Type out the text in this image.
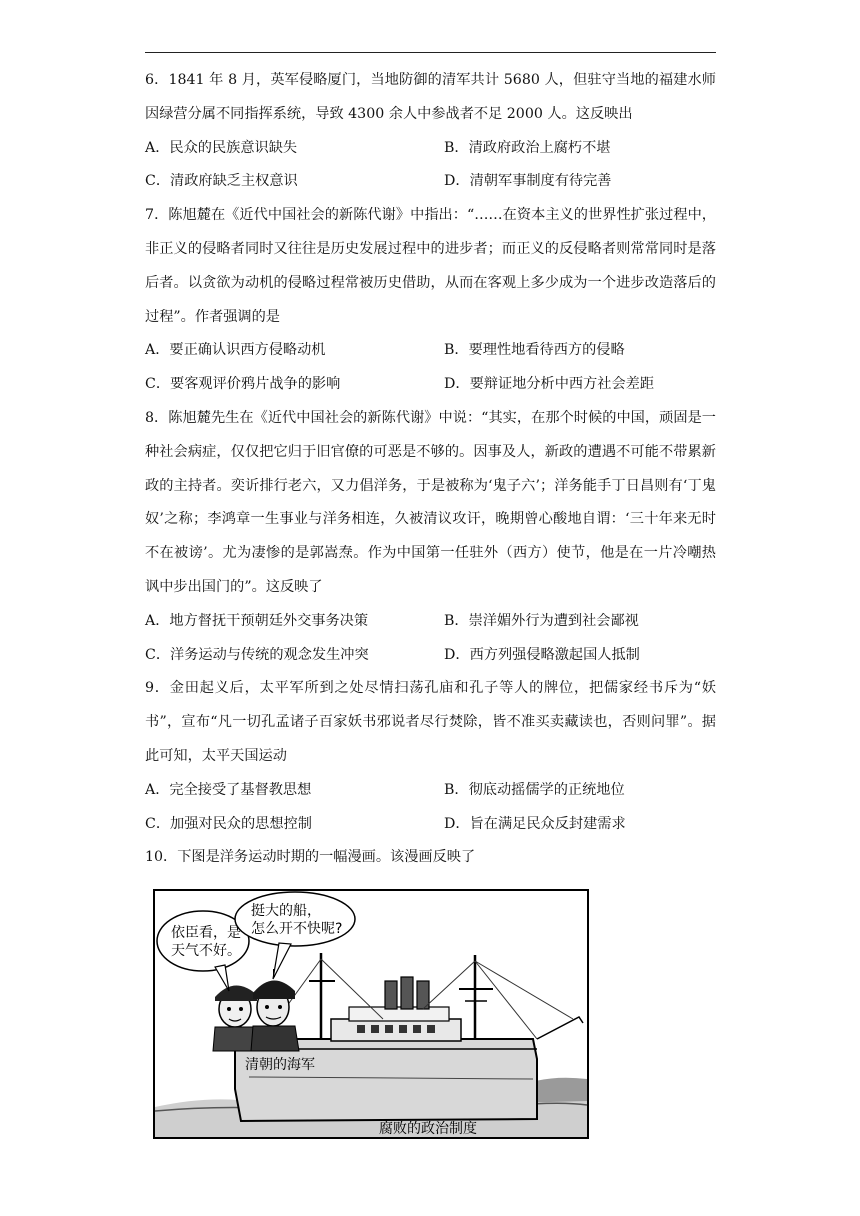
6．1841 年 8 月，英军侵略厦门，当地防御的清军共计 5680 人，但驻守当地的福建水师因绿营分属不同指挥系统，导致 4300 余人中参战者不足 2000 人。这反映出

A．民众的民族意识缺失	B．清政府政治上腐朽不堪
C．清政府缺乏主权意识	D．清朝军事制度有待完善

7．陈旭麓在《近代中国社会的新陈代谢》中指出：“……在资本主义的世界性扩张过程中，非正义的侵略者同时又往往是历史发展过程中的进步者；而正义的反侵略者则常常同时是落后者。以贪欲为动机的侵略过程常被历史借助，从而在客观上多少成为一个进步改造落后的过程”。作者强调的是

A．要正确认识西方侵略动机	B．要理性地看待西方的侵略
C．要客观评价鸦片战争的影响	D．要辩证地分析中西方社会差距

8．陈旭麓先生在《近代中国社会的新陈代谢》中说：“其实，在那个时候的中国，顽固是一种社会病症，仅仅把它归于旧官僚的可恶是不够的。因事及人，新政的遭遇不可能不带累新政的主持者。奕䜣排行老六，又力倡洋务，于是被称为‘鬼子六’；洋务能手丁日昌则有‘丁鬼奴’之称；李鸿章一生事业与洋务相连，久被清议攻讦，晚期曾心酸地自谓：‘三十年来无时不在被谤’。尤为凄惨的是郭嵩焘。作为中国第一任驻外（西方）使节，他是在一片冷嘲热讽中步出国门的”。这反映了

A．地方督抚干预朝廷外交事务决策	B．崇洋媚外行为遭到社会鄙视
C．洋务运动与传统的观念发生冲突	D．西方列强侵略激起国人抵制

9．金田起义后，太平军所到之处尽情扫荡孔庙和孔子等人的牌位，把儒家经书斥为“妖书”，宣布“凡一切孔孟诸子百家妖书邪说者尽行焚除，皆不准买卖藏读也，否则问罪”。据此可知，太平天国运动

A．完全接受了基督教思想	B．彻底动摇儒学的正统地位
C．加强对民众的思想控制	D．旨在满足民众反封建需求

10．下图是洋务运动时期的一幅漫画。该漫画反映了

依臣看，是
天气不好。
挺大的船，
怎么开不快呢?
清朝的海军
腐败的政治制度
